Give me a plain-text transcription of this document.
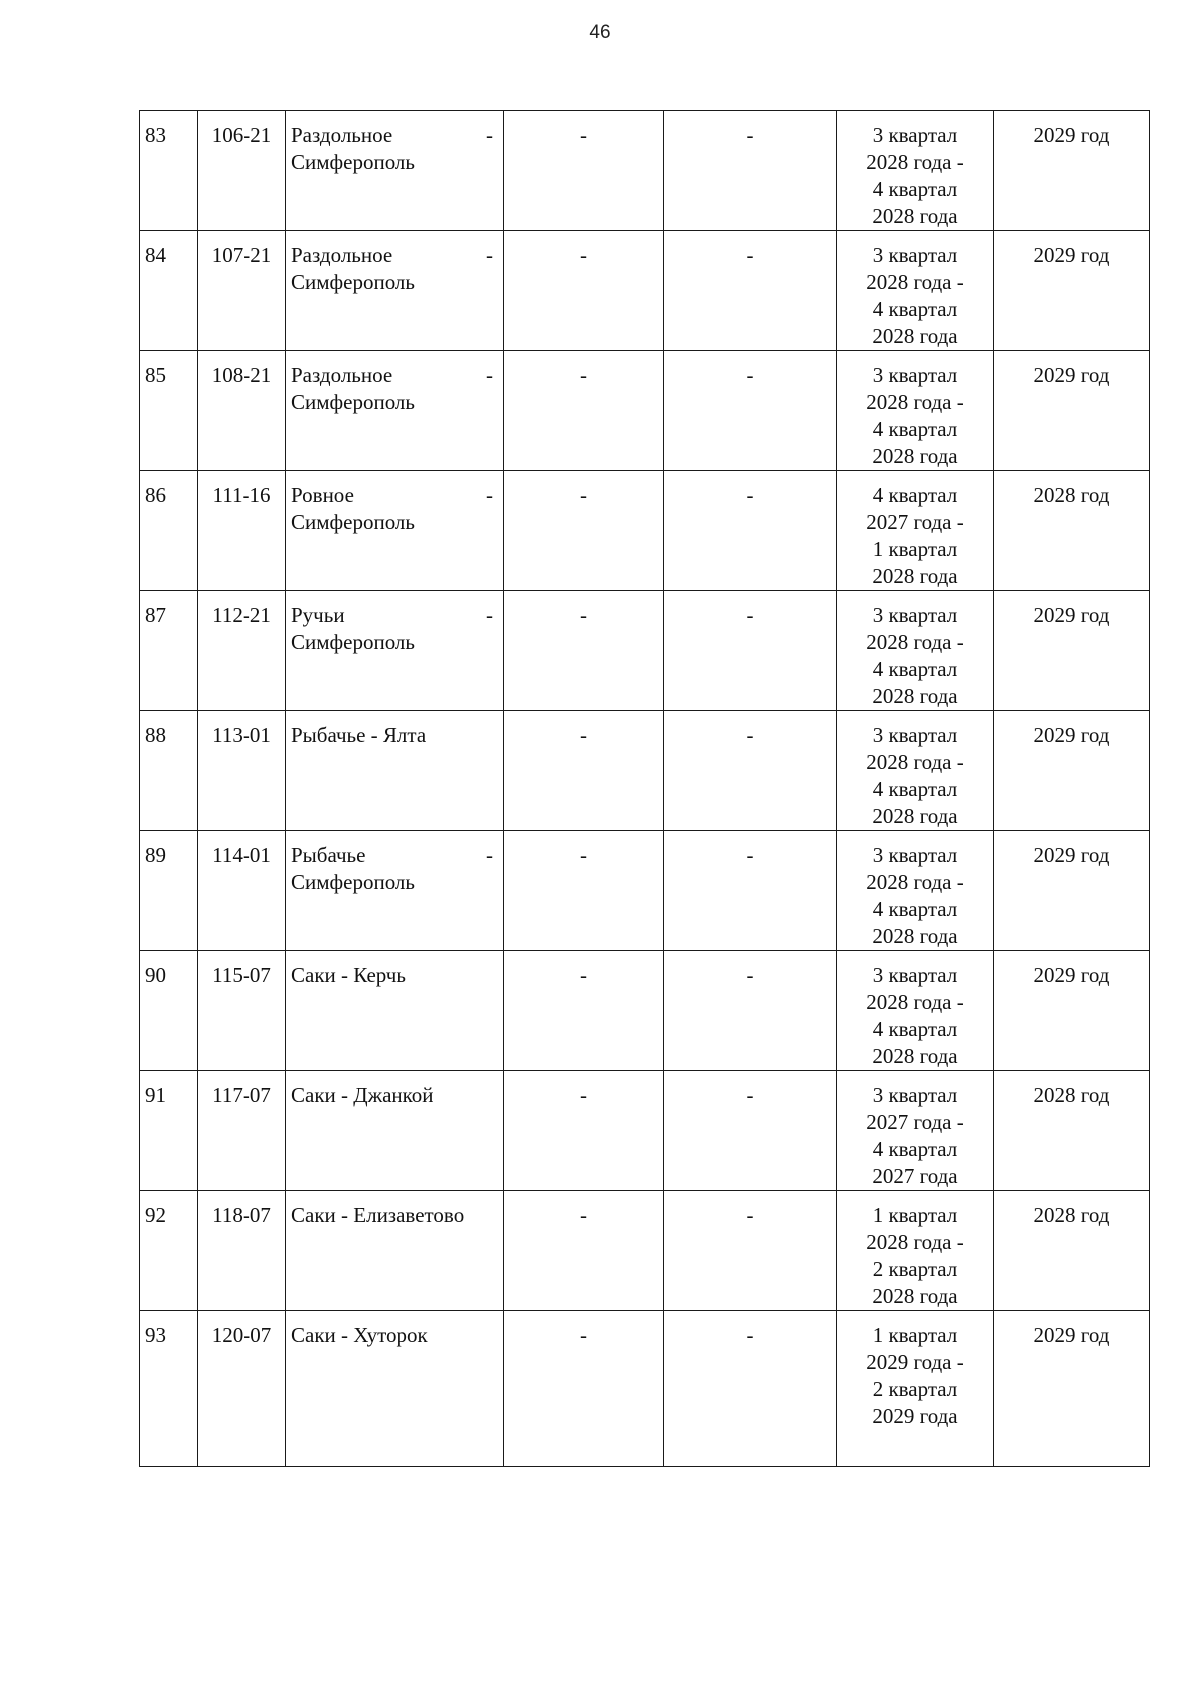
46
83	106-21	Раздольное
Симферополь
-	-	-	3 квартал
2028 года -
4 квартал
2028 года	2029 год
84	107-21	Раздольное
Симферополь
-	-	-	3 квартал
2028 года -
4 квартал
2028 года	2029 год
85	108-21	Раздольное
Симферополь
-	-	-	3 квартал
2028 года -
4 квартал
2028 года	2029 год
86	111-16	Ровное
Симферополь
-	-	-	4 квартал
2027 года -
1 квартал
2028 года	2028 год
87	112-21	Ручьи
Симферополь
-	-	-	3 квартал
2028 года -
4 квартал
2028 года	2029 год
88	113-01	Рыбачье - Ялта	-	-	3 квартал
2028 года -
4 квартал
2028 года	2029 год
89	114-01	Рыбачье
Симферополь
-	-	-	3 квартал
2028 года -
4 квартал
2028 года	2029 год
90	115-07	Саки - Керчь	-	-	3 квартал
2028 года -
4 квартал
2028 года	2029 год
91	117-07	Саки - Джанкой	-	-	3 квартал
2027 года -
4 квартал
2027 года	2028 год
92	118-07	Саки - Елизаветово	-	-	1 квартал
2028 года -
2 квартал
2028 года	2028 год
93	120-07	Саки - Хуторок	-	-	1 квартал
2029 года -
2 квартал
2029 года	2029 год
